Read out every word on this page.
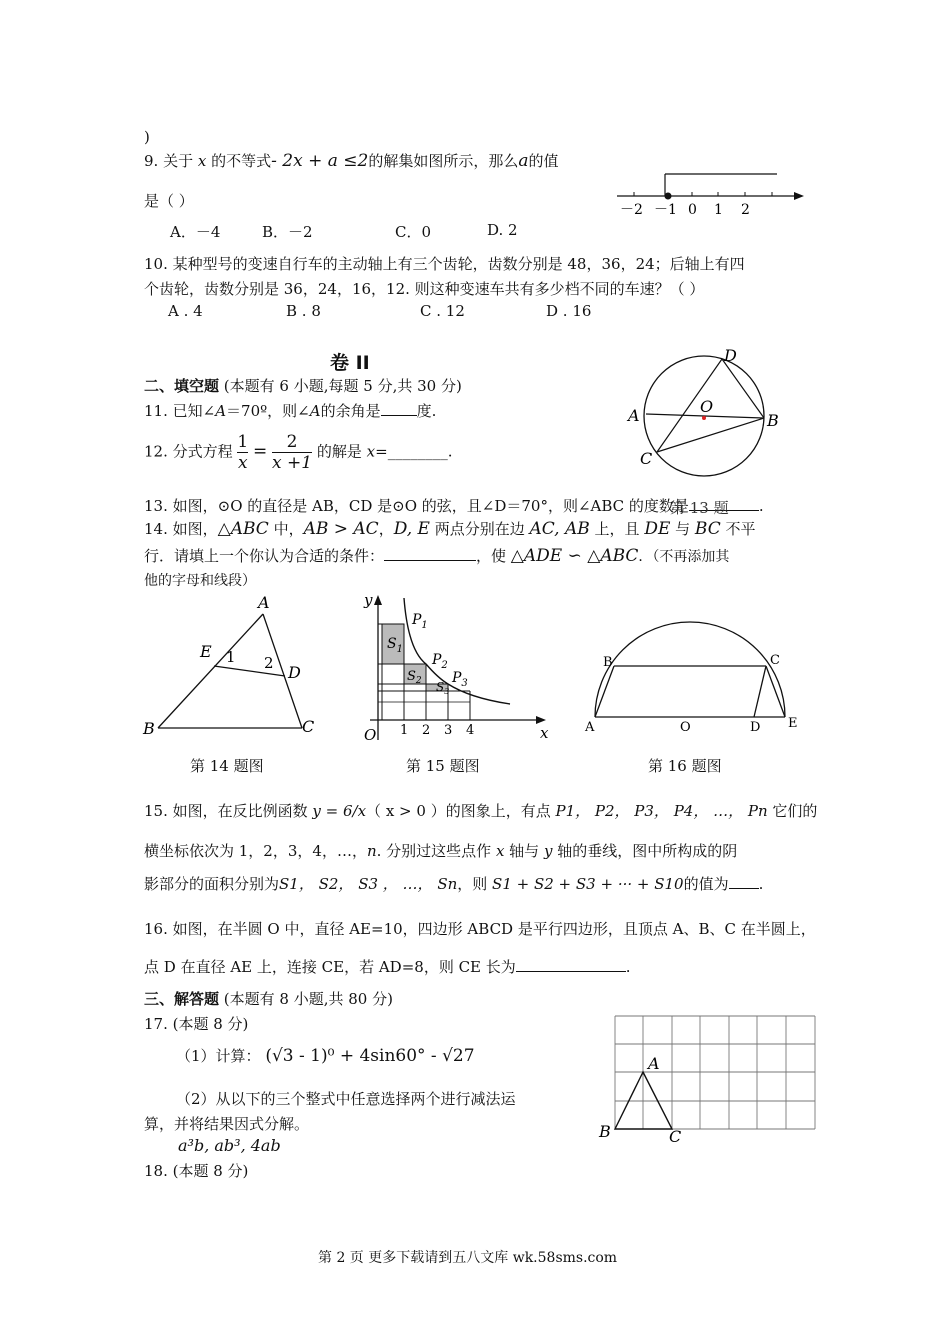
)
9. 关于 x 的不等式- 2x + a ≤2的解集如图所示，那么a的值
是（ ）
A．－4	B．－2	C．0	D. 2
－2 －1 0 1 2
10. 某种型号的变速自行车的主动轴上有三个齿轮，齿数分别是 48，36，24；后轴上有四
个齿轮，齿数分别是 36，24，16，12. 则这种变速车共有多少档不同的车速？（ ）
A . 4	B . 8	C . 12	D . 16
卷 II
二、填空题 (本题有 6 小题,每题 5 分,共 30 分)
11. 已知∠A＝70º，则∠A的余角是 度.
12. 分式方程 $\frac{1}{x} = \frac{2}{x +1}$ 的解是 x=________.
D
A	B
C
O
13. 如图，⊙O 的直径是 AB，CD 是⊙O 的弦，且∠D＝70°，则∠ABC 的度数是	.
第 13 题
14. 如图，△ABC 中，AB > AC，D, E 两点分别在边 AC, AB 上，且 DE 与 BC 不平
行．请填上一个你认为合适的条件：	，使 △ADE ∽ △ABC．（不再添加其
他的字母和线段）
A
E 1 2 D
B	C
第 14 题图
y
x
O 1 2 3 4
$P_1$
$P_2$
$P_3$
$S_1$
$S_2$ $S_3$
第 15 题图
B	C
A	O	D E
第 16 题图
15. 如图，在反比例函数 y = 6/x（ x > 0 ）的图象上，有点 P1， P2， P3， P4， …， Pn 它们的
横坐标依次为 1，2，3，4，…，n. 分别过这些点作 x 轴与 y 轴的垂线，图中所构成的阴
影部分的面积分别为S1， S2， S3 ， …， Sn，则 S1 + S2 + S3 + ··· + S10的值为 .
16. 如图，在半圆 O 中，直径 AE=10，四边形 ABCD 是平行四边形，且顶点 A、B、C 在半圆上，
点 D 在直径 AE 上，连接 CE，若 AD=8，则 CE 长为	.
三、解答题 (本题有 8 小题,共 80 分)
17. (本题 8 分)
（1）计算： (√3 - 1)⁰ + 4sin60° - √27
（2）从以下的三个整式中任意选择两个进行减法运
算，并将结果因式分解。
a³b, ab³, 4ab
A
B	C
18. (本题 8 分)
第 2 页 更多下载请到五八文库 wk.58sms.com
